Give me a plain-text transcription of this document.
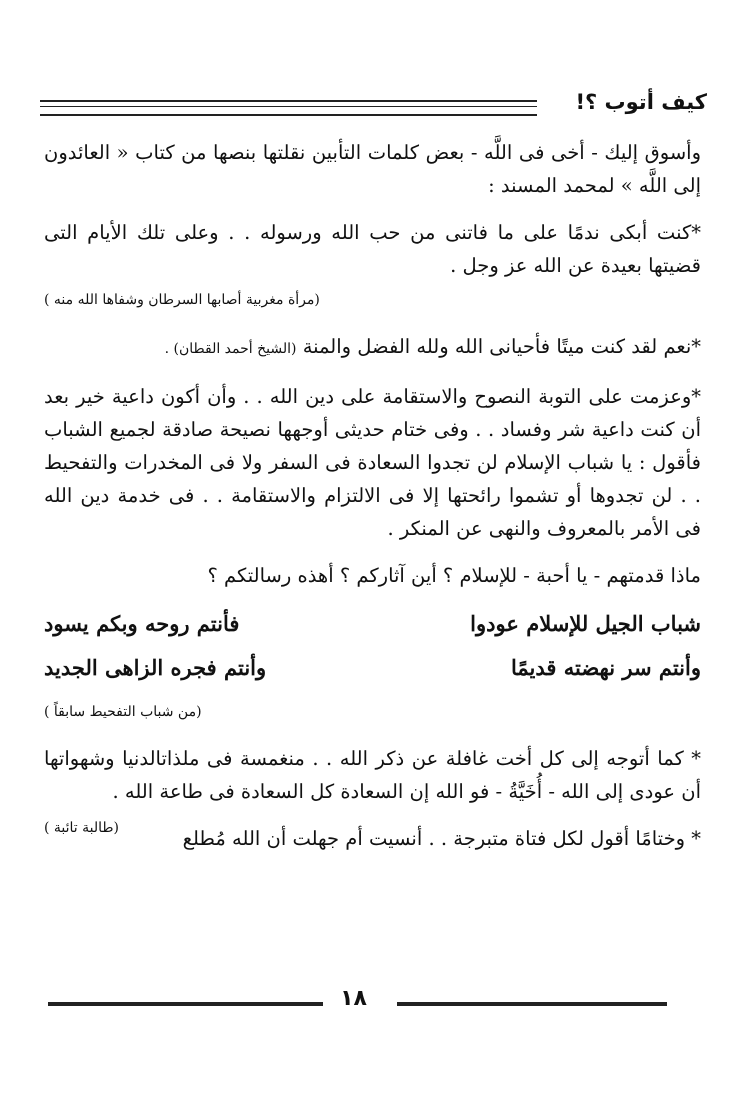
كيف أتوب ؟!

وأسوق إليك - أخى فى اللَّه - بعض كلمات التأبين نقلتها بنصها من كتاب « العائدون إلى اللَّه » لمحمد المسند :

*كنت أبكى ندمًا على ما فاتنى من حب الله ورسوله . . وعلى تلك الأيام التى قضيتها بعيدة عن الله عز وجل .

(مرأة مغربية أصابها السرطان وشفاها الله منه )

*نعم لقد كنت ميتًا فأحيانى الله ولله الفضل والمنة (الشيخ أحمد القطان) .

*وعزمت على التوبة النصوح والاستقامة على دين الله . . وأن أكون داعية خير بعد أن كنت داعية شر وفساد . . وفى ختام حديثى أوجهها نصيحة صادقة لجميع الشباب فأقول : يا شباب الإسلام لن تجدوا السعادة فى السفر ولا فى المخدرات والتفحيط . . لن تجدوها أو تشموا رائحتها إلا فى الالتزام والاستقامة . . فى خدمة دين الله فى الأمر بالمعروف والنهى عن المنكر .

ماذا قدمتهم - يا أحبة - للإسلام ؟ أين آثاركم ؟ أهذه رسالتكم ؟

شباب الجيل للإسلام عودوا
فأنتم روحه وبكم يسود
وأنتم سر نهضته قديمًا
وأنتم فجره الزاهى الجديد
(من شباب التفحيط سابقاً )

* كما أتوجه إلى كل أخت غافلة عن ذكر الله . . منغمسة فى ملذاتالدنيا وشهواتها أن عودى إلى الله - أُخَيَّةُ - فو الله إن السعادة كل السعادة فى طاعة الله .
(طالبة تائبة )	* وختامًا أقول لكل فتاة متبرجة . . أنسيت أم جهلت أن الله مُطلع

١٨
